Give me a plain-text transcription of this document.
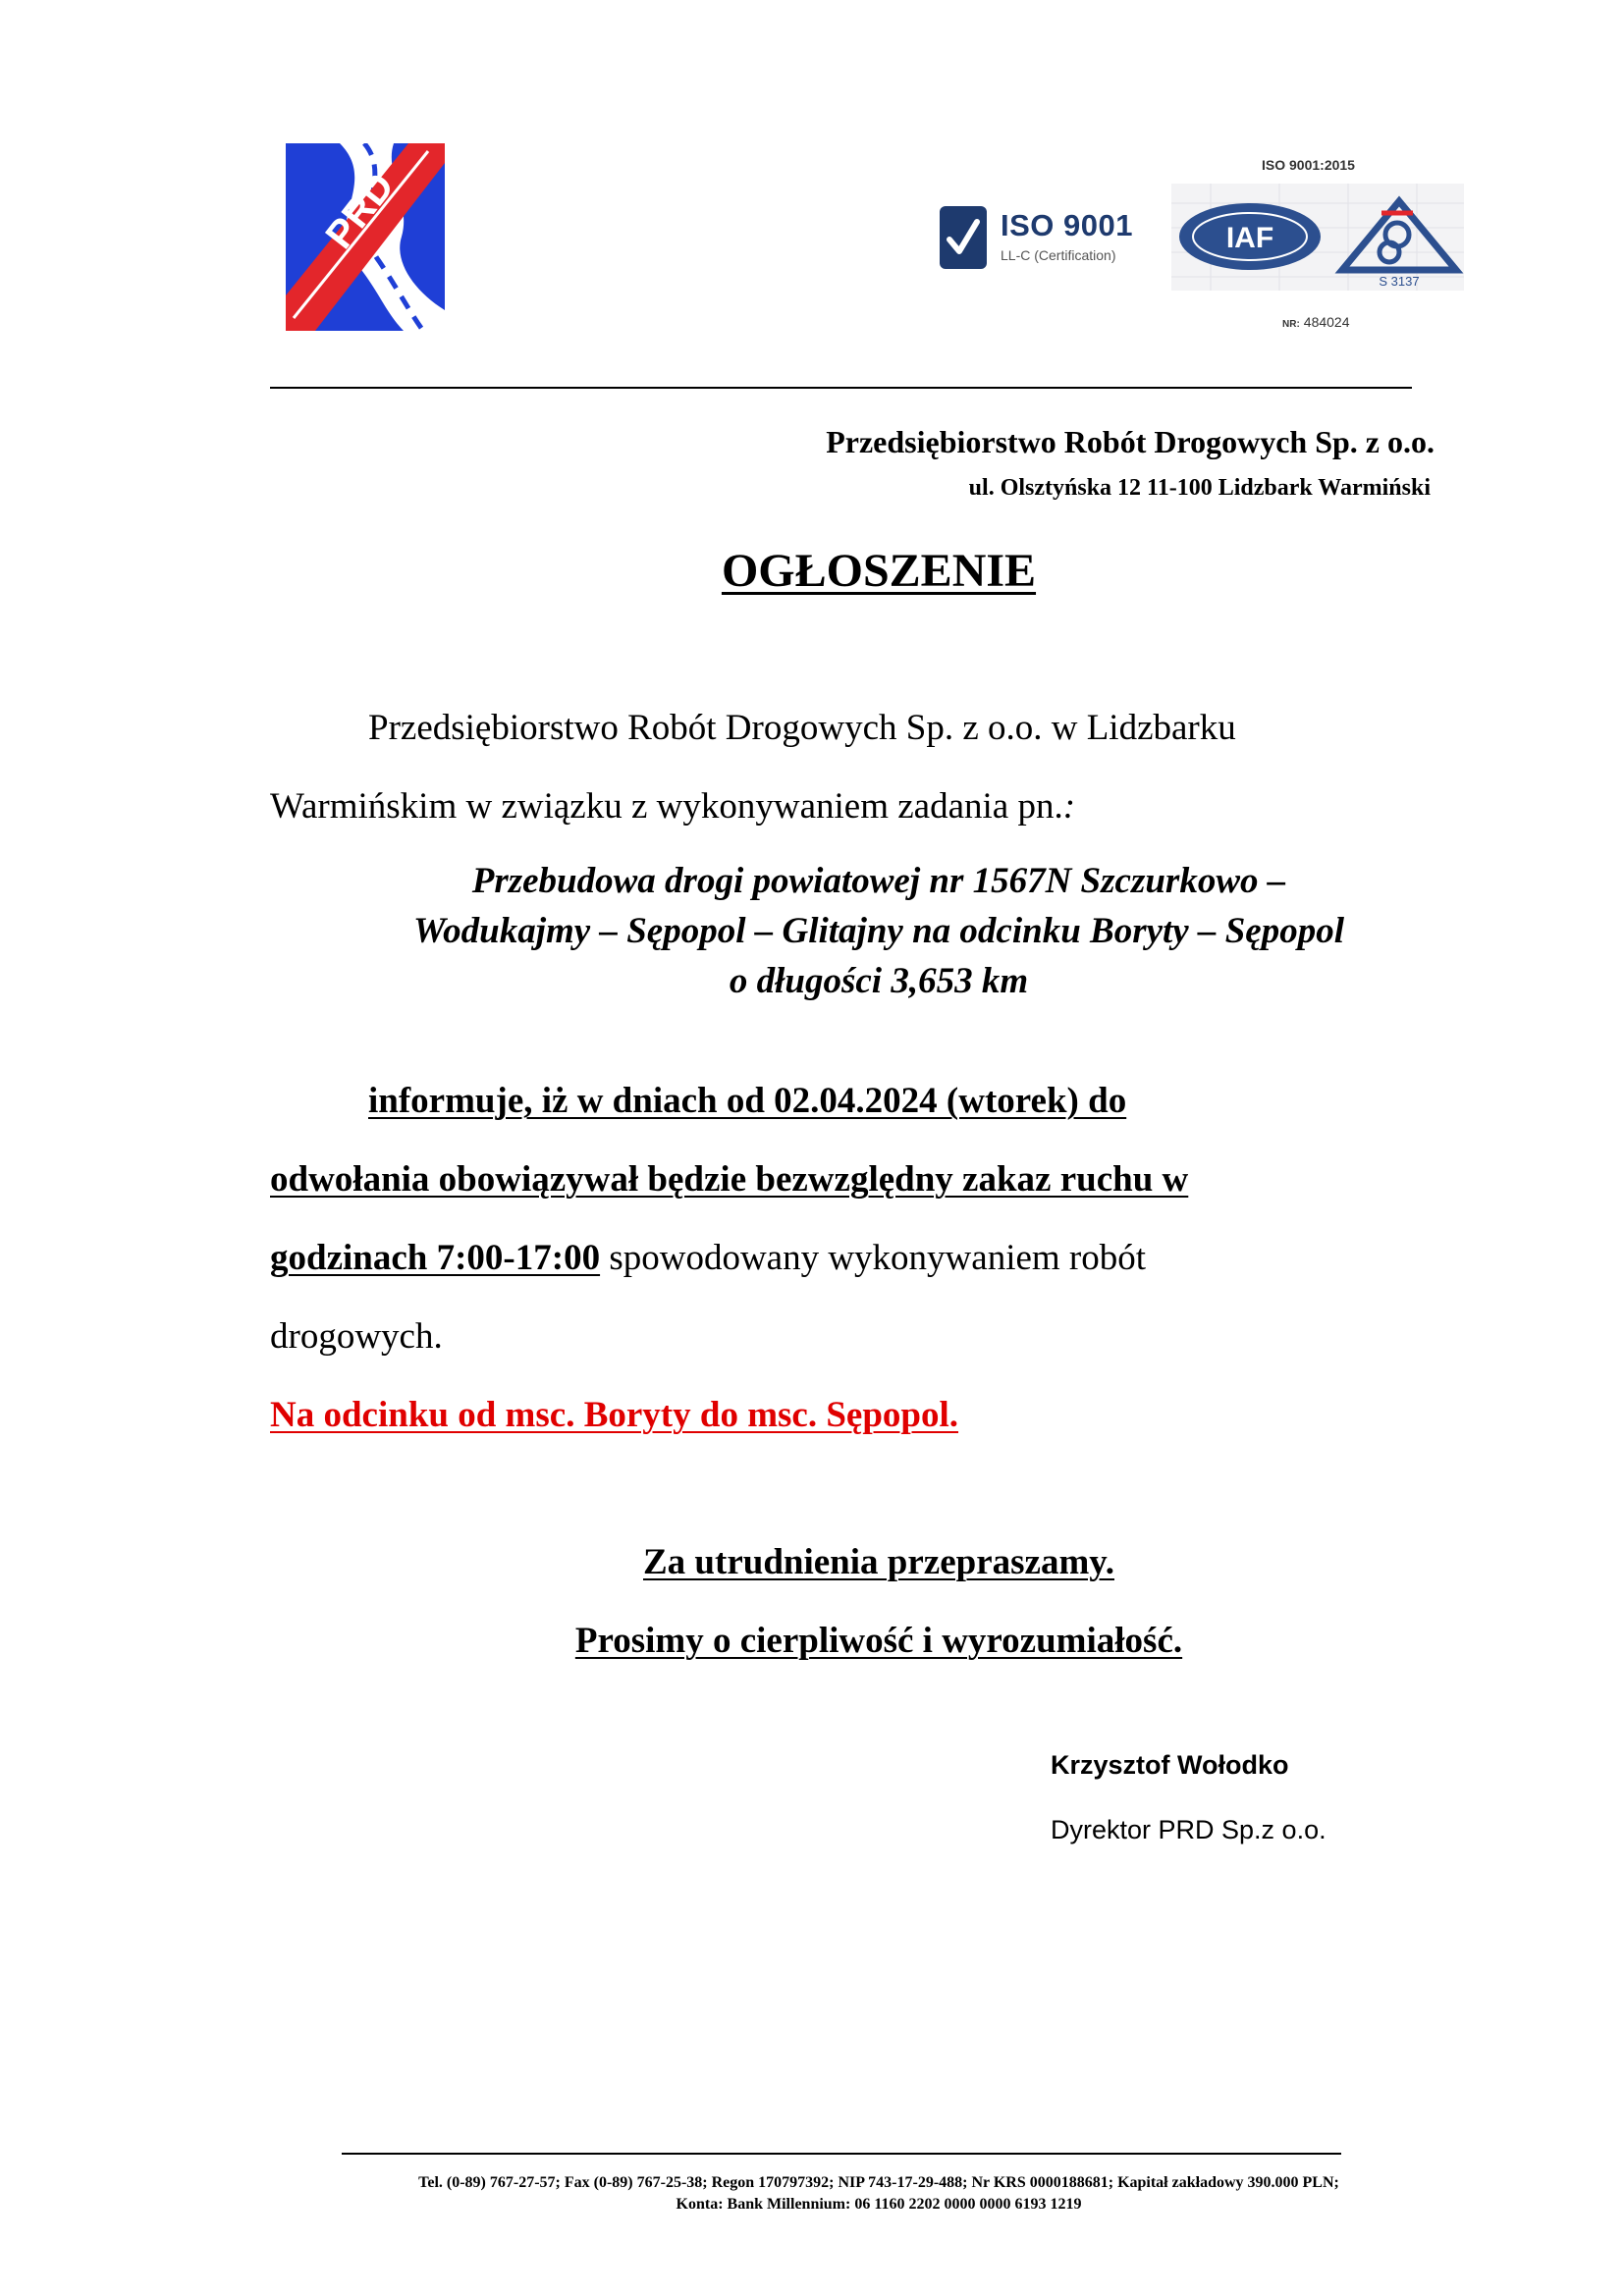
PRD	ISO 9001
LL-C (Certification)
ISO 9001:2015
IAF
S 3137
NR: 484024
Przedsiębiorstwo Robót Drogowych Sp. z o.o.
ul. Olsztyńska 12 11-100 Lidzbark Warmiński
OGŁOSZENIE
Przedsiębiorstwo Robót Drogowych Sp. z o.o. w Lidzbarku
Warmińskim w związku z wykonywaniem zadania pn.:
Przebudowa drogi powiatowej nr 1567N Szczurkowo –
Wodukajmy – Sępopol – Glitajny na odcinku Boryty – Sępopol
o długości 3,653 km
informuje, iż w dniach od 02.04.2024 (wtorek) do
odwołania obowiązywał będzie bezwzględny zakaz ruchu w
godzinach 7:00-17:00 spowodowany wykonywaniem robót
drogowych.
Na odcinku od msc. Boryty do msc. Sępopol.
Za utrudnienia przepraszamy.
Prosimy o cierpliwość i wyrozumiałość.
Krzysztof Wołodko
Dyrektor PRD Sp.z o.o.
Tel. (0-89) 767-27-57; Fax (0-89) 767-25-38; Regon 170797392; NIP 743-17-29-488; Nr KRS 0000188681; Kapitał zakładowy 390.000 PLN;
Konta: Bank Millennium: 06 1160 2202 0000 0000 6193 1219
